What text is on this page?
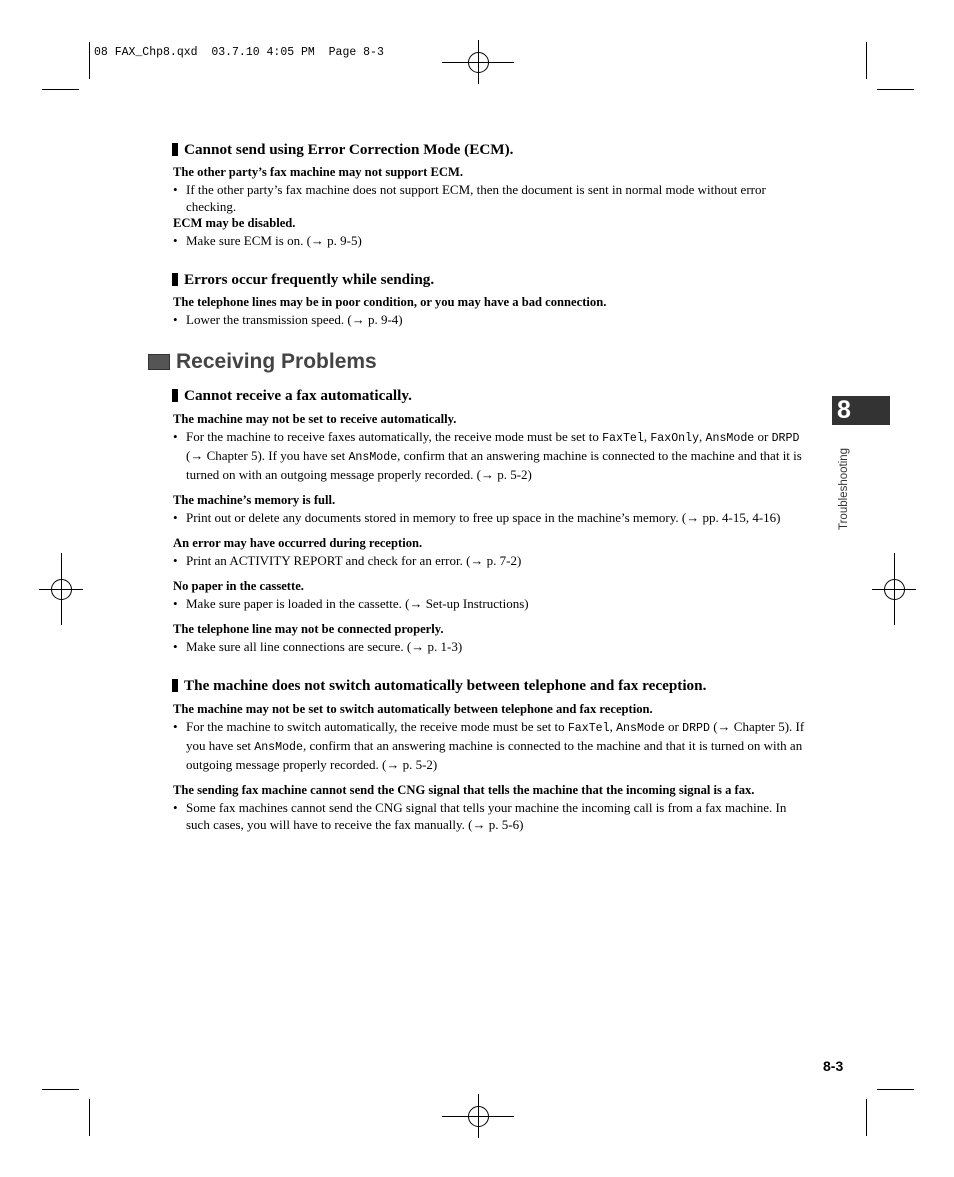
08 FAX_Chp8.qxd  03.7.10 4:05 PM  Page 8-3
Cannot send using Error Correction Mode (ECM).
The other party’s fax machine may not support ECM.
• If the other party’s fax machine does not support ECM, then the document is sent in normal mode without error checking.
ECM may be disabled.
• Make sure ECM is on. (→ p. 9-5)
Errors occur frequently while sending.
The telephone lines may be in poor condition, or you may have a bad connection.
• Lower the transmission speed. (→ p. 9-4)
Receiving Problems
Cannot receive a fax automatically.
The machine may not be set to receive automatically.
• For the machine to receive faxes automatically, the receive mode must be set to FaxTel, FaxOnly, AnsMode or DRPD (→ Chapter 5). If you have set AnsMode, confirm that an answering machine is connected to the machine and that it is turned on with an outgoing message properly recorded. (→ p. 5-2)
The machine’s memory is full.
• Print out or delete any documents stored in memory to free up space in the machine’s memory. (→ pp. 4-15, 4-16)
An error may have occurred during reception.
• Print an ACTIVITY REPORT and check for an error. (→ p. 7-2)
No paper in the cassette.
• Make sure paper is loaded in the cassette. (→ Set-up Instructions)
The telephone line may not be connected properly.
• Make sure all line connections are secure. (→ p. 1-3)
The machine does not switch automatically between telephone and fax reception.
The machine may not be set to switch automatically between telephone and fax reception.
• For the machine to switch automatically, the receive mode must be set to FaxTel, AnsMode or DRPD (→ Chapter 5). If you have set AnsMode, confirm that an answering machine is connected to the machine and that it is turned on with an outgoing message properly recorded. (→ p. 5-2)
The sending fax machine cannot send the CNG signal that tells the machine that the incoming signal is a fax.
• Some fax machines cannot send the CNG signal that tells your machine the incoming call is from a fax machine. In such cases, you will have to receive the fax manually. (→ p. 5-6)
8
Troubleshooting
8-3
